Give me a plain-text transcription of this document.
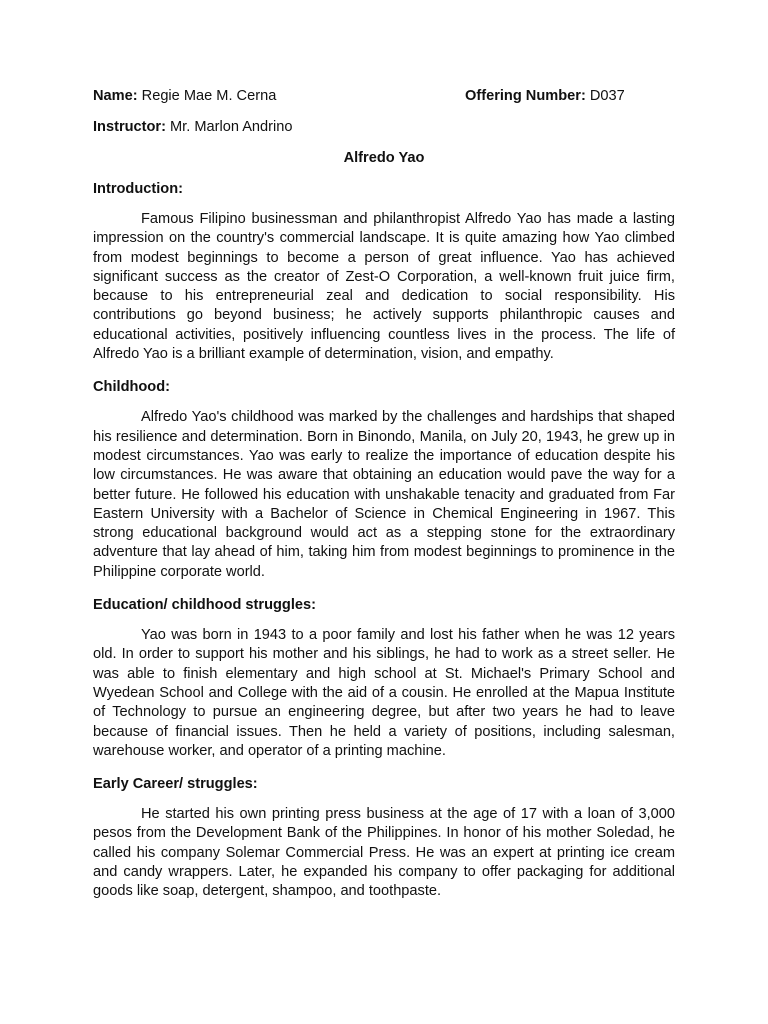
Name: Regie Mae M. Cerna	Offering Number: D037
Instructor: Mr. Marlon Andrino
Alfredo Yao
Introduction:

Famous Filipino businessman and philanthropist Alfredo Yao has made a lasting impression on the country's commercial landscape. It is quite amazing how Yao climbed from modest beginnings to become a person of great influence. Yao has achieved significant success as the creator of Zest-O Corporation, a well-known fruit juice firm, because to his entrepreneurial zeal and dedication to social responsibility. His contributions go beyond business; he actively supports philanthropic causes and educational activities, positively influencing countless lives in the process. The life of Alfredo Yao is a brilliant example of determination, vision, and empathy.

Childhood:

Alfredo Yao's childhood was marked by the challenges and hardships that shaped his resilience and determination. Born in Binondo, Manila, on July 20, 1943, he grew up in modest circumstances. Yao was early to realize the importance of education despite his low circumstances. He was aware that obtaining an education would pave the way for a better future. He followed his education with unshakable tenacity and graduated from Far Eastern University with a Bachelor of Science in Chemical Engineering in 1967. This strong educational background would act as a stepping stone for the extraordinary adventure that lay ahead of him, taking him from modest beginnings to prominence in the Philippine corporate world.

Education/ childhood struggles:

Yao was born in 1943 to a poor family and lost his father when he was 12 years old. In order to support his mother and his siblings, he had to work as a street seller. He was able to finish elementary and high school at St. Michael's Primary School and Wyedean School and College with the aid of a cousin. He enrolled at the Mapua Institute of Technology to pursue an engineering degree, but after two years he had to leave because of financial issues. Then he held a variety of positions, including salesman, warehouse worker, and operator of a printing machine.

Early Career/ struggles:

He started his own printing press business at the age of 17 with a loan of 3,000 pesos from the Development Bank of the Philippines. In honor of his mother Soledad, he called his company Solemar Commercial Press. He was an expert at printing ice cream and candy wrappers. Later, he expanded his company to offer packaging for additional goods like soap, detergent, shampoo, and toothpaste.
